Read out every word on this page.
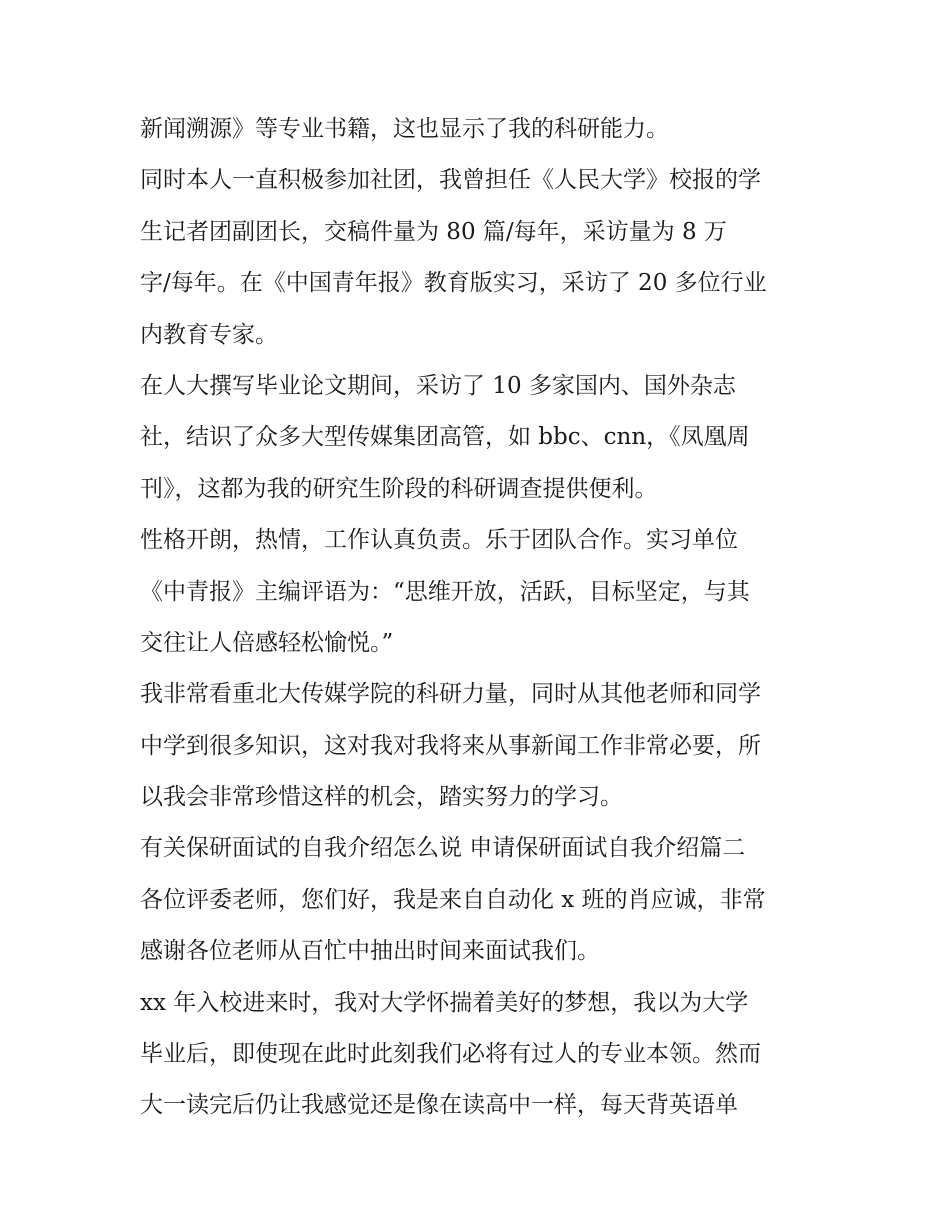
新闻溯源》等专业书籍，这也显示了我的科研能力。
同时本人一直积极参加社团，我曾担任《人民大学》校报的学
生记者团副团长，交稿件量为 80 篇/每年，采访量为 8 万
字/每年。在《中国青年报》教育版实习，采访了 20 多位行业
内教育专家。
在人大撰写毕业论文期间，采访了 10 多家国内、国外杂志
社，结识了众多大型传媒集团高管，如 bbc、cnn，《凤凰周
刊》，这都为我的研究生阶段的科研调查提供便利。
性格开朗，热情，工作认真负责。乐于团队合作。实习单位
《中青报》主编评语为：“思维开放，活跃，目标坚定，与其
交往让人倍感轻松愉悦。”
我非常看重北大传媒学院的科研力量，同时从其他老师和同学
中学到很多知识，这对我对我将来从事新闻工作非常必要，所
以我会非常珍惜这样的机会，踏实努力的学习。
有关保研面试的自我介绍怎么说 申请保研面试自我介绍篇二
各位评委老师，您们好，我是来自自动化 x 班的肖应诚，非常
感谢各位老师从百忙中抽出时间来面试我们。
xx 年入校进来时，我对大学怀揣着美好的梦想，我以为大学
毕业后，即使现在此时此刻我们必将有过人的专业本领。然而
大一读完后仍让我感觉还是像在读高中一样，每天背英语单
